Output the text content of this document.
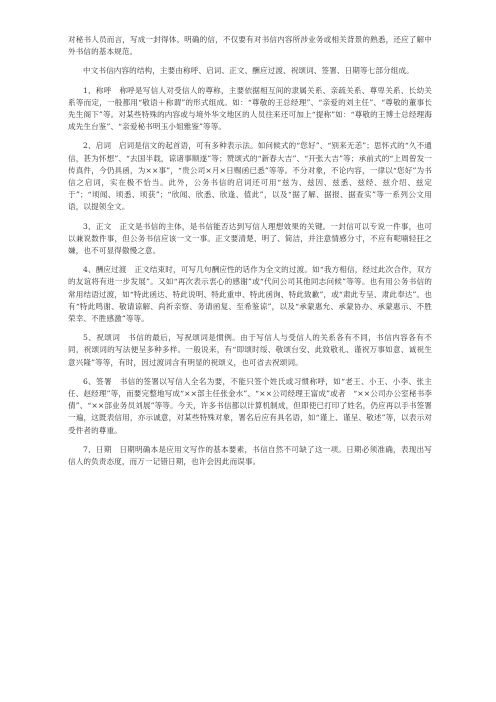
对秘书人员而言，写成一封得体、明确的信，不仅要有对书信内容所涉业务或相关背景的熟悉，还应了解中外书信的基本规范。

中文书信内容的结构，主要由称呼、启词、正文、酬应过渡、祝颂词、签署、日期等七部分组成。

1、称呼　称呼是写信人对受信人的尊称，主要依据相互间的隶属关系、亲疏关系、尊卑关系、长幼关系等而定，一般都用“敬语＋称谓”的形式组成。如：“尊敬的王总经理”、“亲爱的刘主任”、“尊敬的董事长先生阁下”等。对某些特殊的内容或与境外华文地区的人员往来还可加上“提称”如：“尊敬的王博士总经理海成先生台鉴”、“亲爱秘书明玉小姐雅鉴”等等。

2、启词　启词是信文的起首语，可有多种表示法。如问候式的“您好”、“别来无恙”；思怀式的“久不通信，甚为怀想”、“去国半载，谅诸事顺遂”等；赞颂式的“新春大吉”、“开张大吉”等；承前式的“上周曾发一传真件，今仍具函，为××事”，“贵公司×月×日赐函已悉”等等。不分对象，不论内容，一律以“您好”为书信之启词，实在极不恰当。此外，公务书信的启词还可用“兹为、兹因、兹悉、兹经、兹介绍、兹定于”；“顷闻、顷悉、顷获”；“欣闻、欣悉、欣逢、值此”，以及“据了解、据报、据查实”等一系列公文用语，以提领全文。

3、正文　正文是书信的主体，是书信能否达到写信人理想效果的关键。一封信可以专说一件事，也可以兼说数件事，但公务书信应该一文一事。正文要清楚、明了、简洁，并注意情感分寸，不应有呢喃轻狂之嫌，也不可显得傲慢之意。

4、酬应过渡　正文结束时，可写几句酬应性的话作为全文的过渡。如“我方相信，经过此次合作，双方的友谊将有进一步发展”。又如“再次表示衷心的感谢”或“代问公司其他同志问候”等等。也有用公务书信的常用结语过渡，如“特此函达、特此说明、特此重申、特此函询、特此致歉”，或“肃此专呈、肃此奉达”。也有“特此鸣谢、敬请谅解、尚祈亲察、务请函复、至希鉴谅”，以及“承蒙惠允、承蒙协办、承蒙惠示、不胜荣幸、不胜感激”等等。

5、祝颂词　书信的最后，写祝颂词是惯例。由于写信人与受信人的关系各有不同，书信内容各有不同，祝颂词的写法便呈多种多样。一般说来，有“即颂时绥、敬颂台安、此致敬礼、谨祝万事如意、诚祝生意兴隆”等等，有时，因过渡词含有明显的祝颂义，也可省去祝颂词。

6、签署　书信的签署以写信人全名为要，不能只签个姓氏或习惯称呼，如“老王、小王、小李、张主任、赵经理”等，而要完整地写成“××部主任张金水”、“××公司经理王富成”或者　“××公司办公室秘书李倩”、“××部业务员刘展”等等。今天，许多书信都以计算机制成，但即使已打印了姓名，仍应再以手书签署一遍，这既表信用，亦示诚意，对某些特殊对象，署名后应有具名语，如“谨上、谨呈、敬述”等，以表示对受件者的尊重。

7、日期　日期明确本是应用文写作的基本要素，书信自然不可缺了这一项。日期必须准确，表现出写信人的负责态度，而万一记错日期，也许会因此而误事。
